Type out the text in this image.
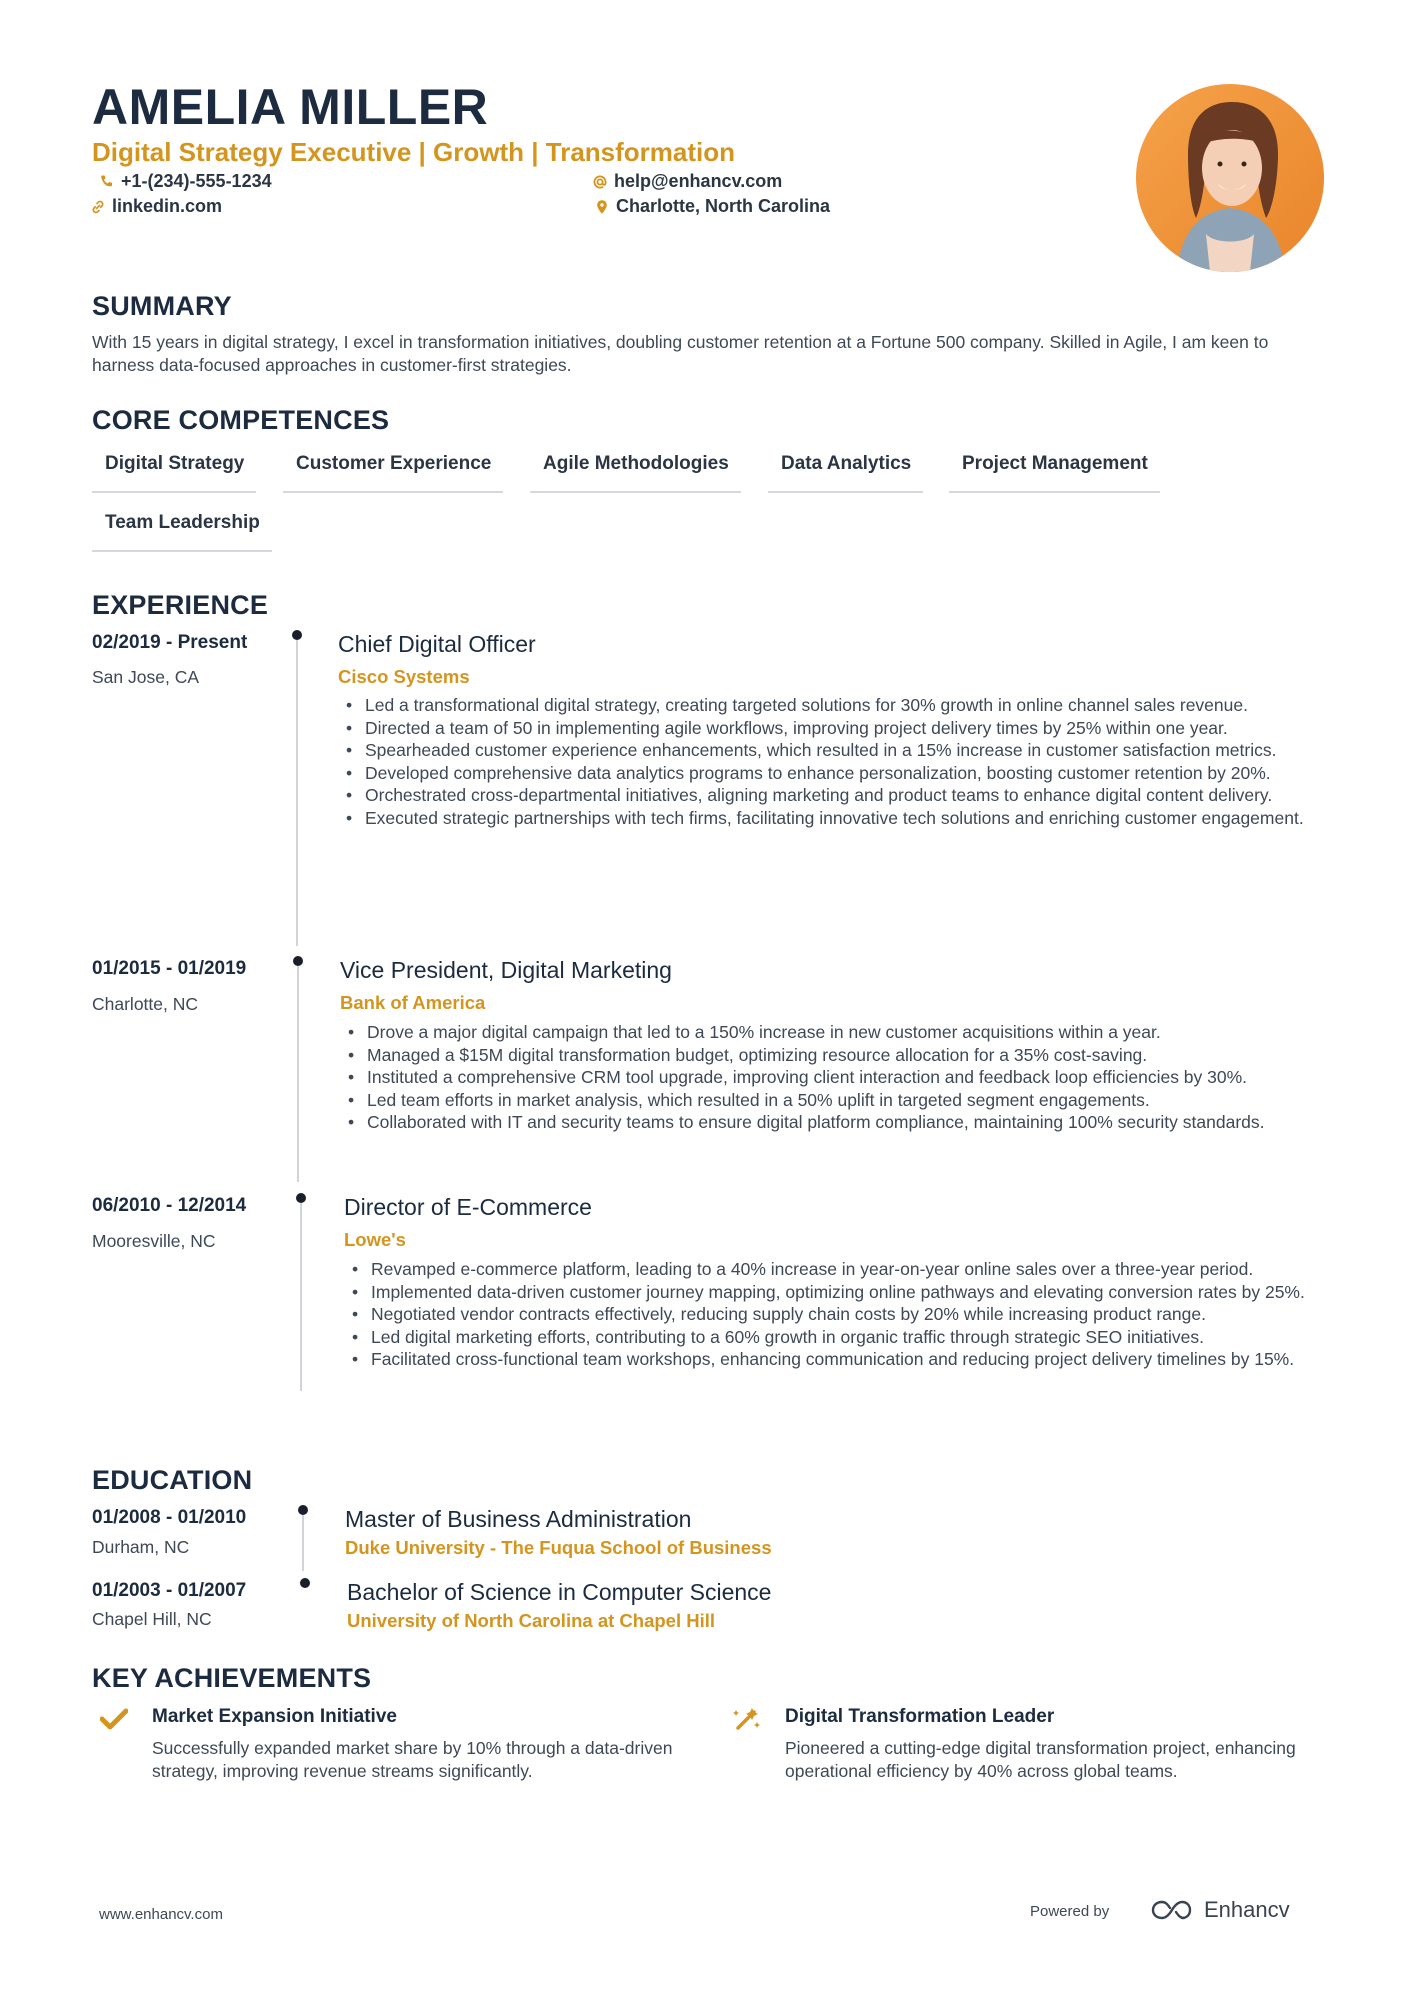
AMELIA MILLER
Digital Strategy Executive | Growth | Transformation
+1-(234)-555-1234	help@enhancv.com
linkedin.com	Charlotte, North Carolina
SUMMARY
With 15 years in digital strategy, I excel in transformation initiatives, doubling customer retention at a Fortune 500 company. Skilled in Agile, I am keen to harness data-focused approaches in customer-first strategies.
CORE COMPETENCES
Digital Strategy	Customer Experience	Agile Methodologies	Data Analytics	Project Management
Team Leadership
EXPERIENCE
02/2019 - Present
San Jose, CA
Chief Digital Officer
Cisco Systems
• Led a transformational digital strategy, creating targeted solutions for 30% growth in online channel sales revenue.
• Directed a team of 50 in implementing agile workflows, improving project delivery times by 25% within one year.
• Spearheaded customer experience enhancements, which resulted in a 15% increase in customer satisfaction metrics.
• Developed comprehensive data analytics programs to enhance personalization, boosting customer retention by 20%.
• Orchestrated cross-departmental initiatives, aligning marketing and product teams to enhance digital content delivery.
• Executed strategic partnerships with tech firms, facilitating innovative tech solutions and enriching customer engagement.
01/2015 - 01/2019
Charlotte, NC
Vice President, Digital Marketing
Bank of America
• Drove a major digital campaign that led to a 150% increase in new customer acquisitions within a year.
• Managed a $15M digital transformation budget, optimizing resource allocation for a 35% cost-saving.
• Instituted a comprehensive CRM tool upgrade, improving client interaction and feedback loop efficiencies by 30%.
• Led team efforts in market analysis, which resulted in a 50% uplift in targeted segment engagements.
• Collaborated with IT and security teams to ensure digital platform compliance, maintaining 100% security standards.
06/2010 - 12/2014
Mooresville, NC
Director of E-Commerce
Lowe's
• Revamped e-commerce platform, leading to a 40% increase in year-on-year online sales over a three-year period.
• Implemented data-driven customer journey mapping, optimizing online pathways and elevating conversion rates by 25%.
• Negotiated vendor contracts effectively, reducing supply chain costs by 20% while increasing product range.
• Led digital marketing efforts, contributing to a 60% growth in organic traffic through strategic SEO initiatives.
• Facilitated cross-functional team workshops, enhancing communication and reducing project delivery timelines by 15%.
EDUCATION
01/2008 - 01/2010
Durham, NC
Master of Business Administration
Duke University - The Fuqua School of Business
01/2003 - 01/2007
Chapel Hill, NC
Bachelor of Science in Computer Science
University of North Carolina at Chapel Hill
KEY ACHIEVEMENTS
Market Expansion Initiative
Successfully expanded market share by 10% through a data-driven strategy, improving revenue streams significantly.
Digital Transformation Leader
Pioneered a cutting-edge digital transformation project, enhancing operational efficiency by 40% across global teams.
www.enhancv.com	Powered by	Enhancv
